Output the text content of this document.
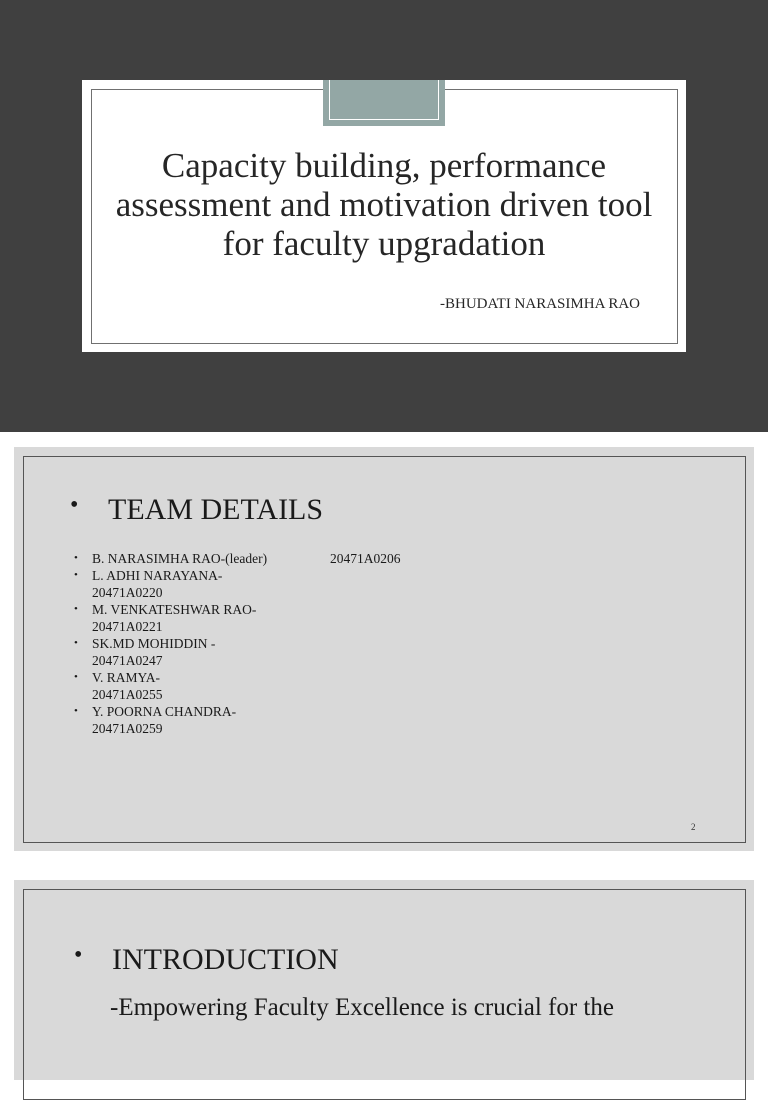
Capacity building, performance assessment and motivation driven tool for faculty upgradation
-BHUDATI NARASIMHA RAO
• TEAM DETAILS
•	B. NARASIMHA RAO-(leader)	20471A0206
•	L. ADHI NARAYANA-
20471A0220
•	M. VENKATESHWAR RAO-
20471A0221
•	SK.MD MOHIDDIN -
20471A0247
•	V. RAMYA-
20471A0255
•	Y. POORNA CHANDRA-
20471A0259
2
• INTRODUCTION
-Empowering Faculty Excellence is crucial for the
